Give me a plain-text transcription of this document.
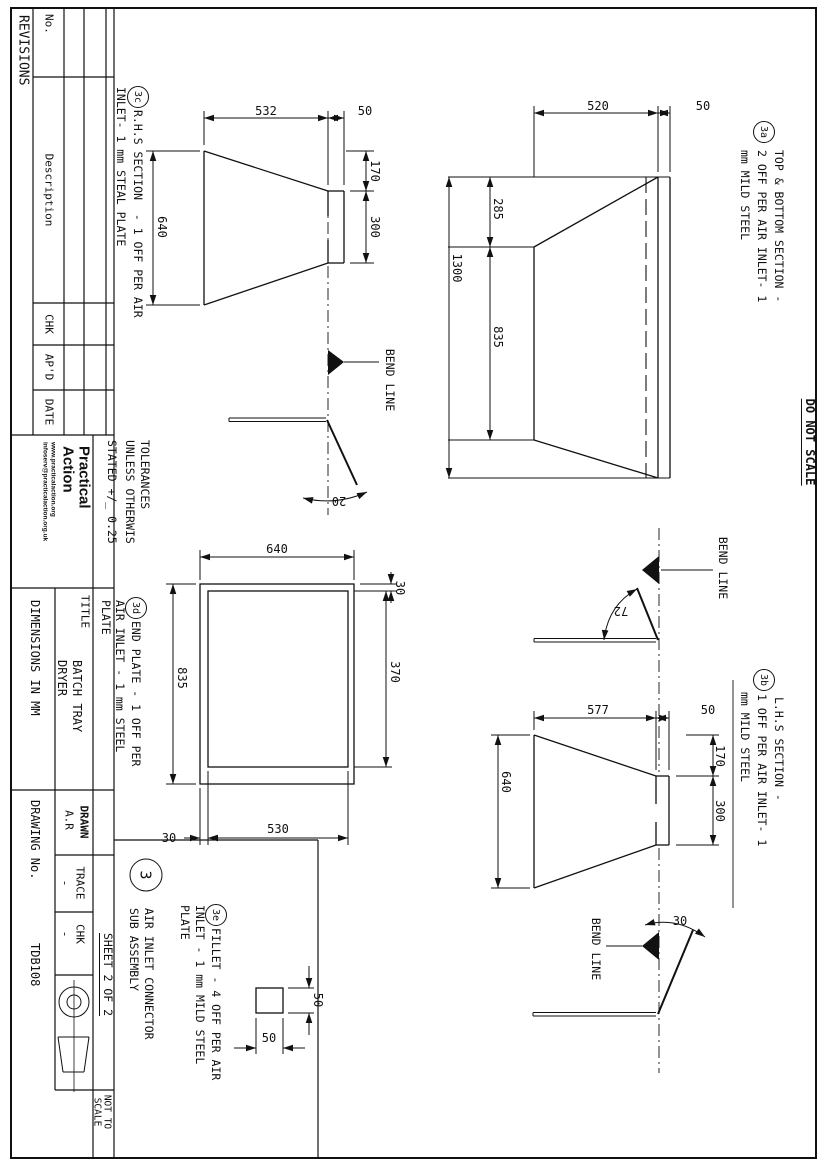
DO NOT SCALE
3a
TOP & BOTTOM SECTION -
2 OFF PER AIR INLET- 1
mm MILD STEEL
520	50
285
835
1300
3b
L.H.S SECTION -
1 OFF PER AIR INLET- 1
mm MILD STEEL
577	50
170
300
640
3c
R.H.S SECTION  - 1 OFF PER AIR
INLET- 1 mm STEAL PLATE	532	50
170
300
640
3d
END PLATE - 1 OFF PER
AIR INLET - 1 mm STEEL
PLATE
640
835
30
370
530
30
3e
FILLET - 4 OFF PER AIR
INLET - 1 mm MILD STEEL
PLATE
50
50
BEND LINE
BEND LINE
BEND LINE
20
72
30
3
AIR INLET CONNECTOR
SUB ASSEMBLY
SHEET 2 OF 2
TOLERANCES
UNLESS OTHERWIS
STATED +/_ 0.25
REVISIONS No.
Description
CHK
AP'D
DATE
Practical
Action
www.practicalaction.org
infoserv@practicalaction.org.uk
TITLE
BATCH TRAY
DRYER
DIMENSIONS IN MM
DRAWN
A.R
TRACE
-
CHK
-
DRAWING No.
TDB108
NOT TO
SCALE
